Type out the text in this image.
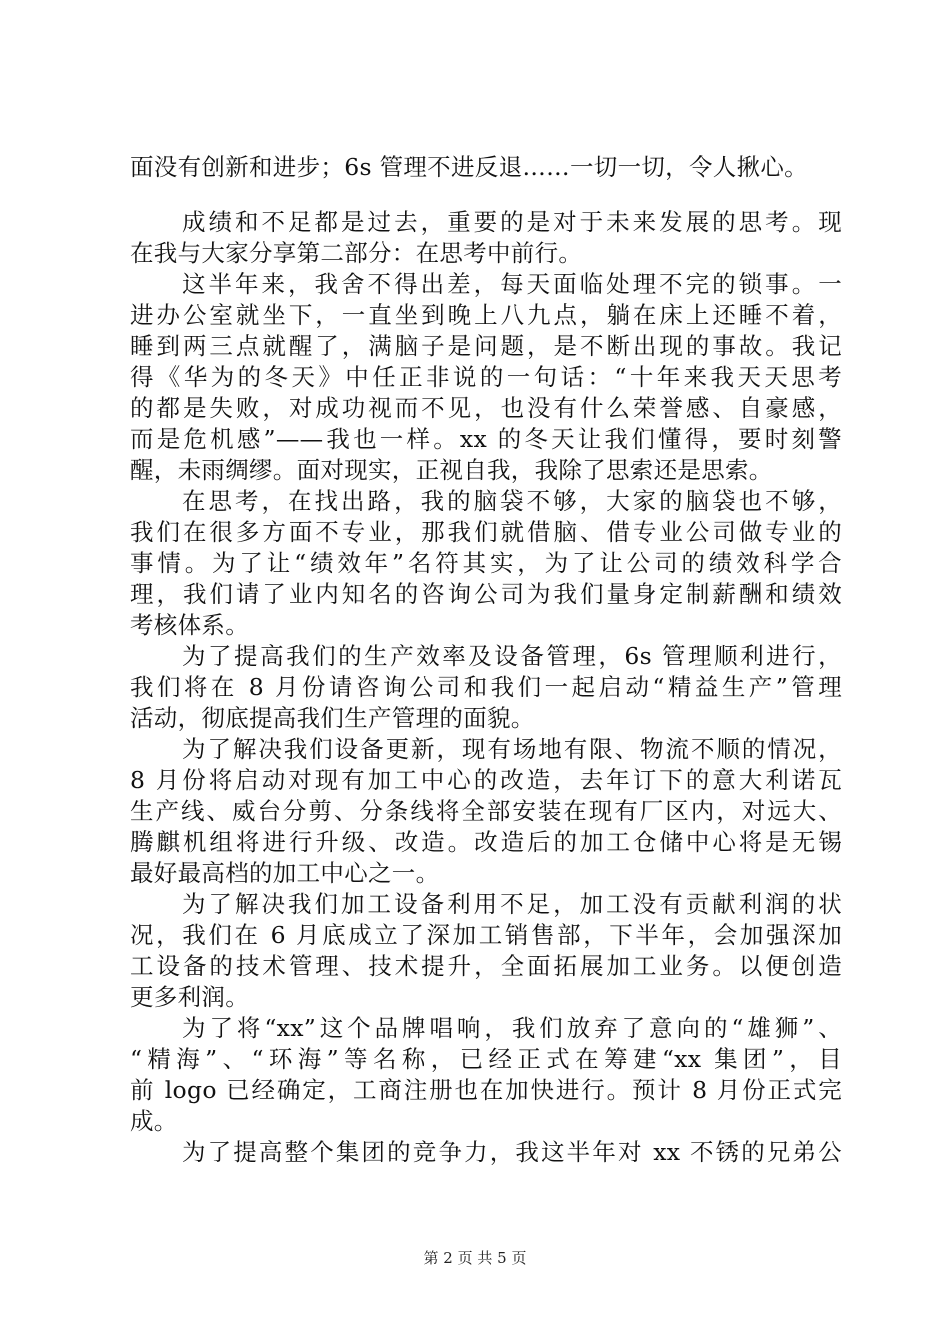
面没有创新和进步；6s 管理不进反退……一切一切，令人揪心。
成绩和不足都是过去，重要的是对于未来发展的思考。现
在我与大家分享第二部分：在思考中前行。
这半年来，我舍不得出差，每天面临处理不完的锁事。一
进办公室就坐下，一直坐到晚上八九点，躺在床上还睡不着，
睡到两三点就醒了，满脑子是问题，是不断出现的事故。我记
得《华为的冬天》中任正非说的一句话：“十年来我天天思考
的都是失败，对成功视而不见，也没有什么荣誉感、自豪感，
而是危机感”——我也一样。xx 的冬天让我们懂得，要时刻警
醒，未雨绸缪。面对现实，正视自我，我除了思索还是思索。
在思考，在找出路，我的脑袋不够，大家的脑袋也不够，
我们在很多方面不专业，那我们就借脑、借专业公司做专业的
事情。为了让“绩效年”名符其实，为了让公司的绩效科学合
理，我们请了业内知名的咨询公司为我们量身定制薪酬和绩效
考核体系。
为了提高我们的生产效率及设备管理，6s 管理顺利进行，
我们将在 8 月份请咨询公司和我们一起启动“精益生产”管理
活动，彻底提高我们生产管理的面貌。
为了解决我们设备更新，现有场地有限、物流不顺的情况，
8 月份将启动对现有加工中心的改造，去年订下的意大利诺瓦
生产线、威台分剪、分条线将全部安装在现有厂区内，对远大、
腾麒机组将进行升级、改造。改造后的加工仓储中心将是无锡
最好最高档的加工中心之一。
为了解决我们加工设备利用不足，加工没有贡献利润的状
况，我们在 6 月底成立了深加工销售部，下半年，会加强深加
工设备的技术管理、技术提升，全面拓展加工业务。以便创造
更多利润。
为了将“xx”这个品牌唱响，我们放弃了意向的“雄狮”、
“精海”、“环海”等名称，已经正式在筹建“xx 集团”，目
前 logo 已经确定，工商注册也在加快进行。预计 8 月份正式完
成。
为了提高整个集团的竞争力，我这半年对 xx 不锈的兄弟公
第 2 页 共 5 页
